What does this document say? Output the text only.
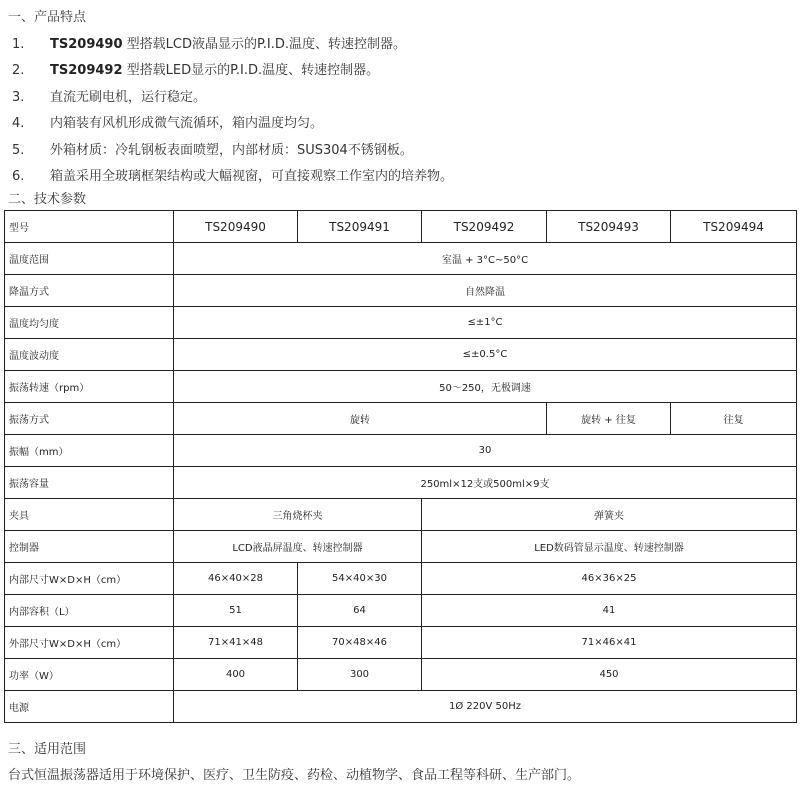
一、产品特点
1. TS209490 型搭载LCD液晶显示的P.I.D.温度、转速控制器。
2. TS209492 型搭载LED显示的P.I.D.温度、转速控制器。
3. 直流无刷电机，运行稳定。
4. 内箱装有风机形成微气流循环，箱内温度均匀。
5. 外箱材质：冷轧钢板表面喷塑，内部材质：SUS304不锈钢板。
6. 箱盖采用全玻璃框架结构或大幅视窗，可直接观察工作室内的培养物。
二、技术参数
型号	TS209490	TS209491	TS209492	TS209493	TS209494
温度范围	室温 + 3°C~50°C				
降温方式	自然降温				
温度均匀度	≤±1°C				
温度波动度	≤±0.5°C				
振荡转速（rpm）	50～250，无极调速				
振荡方式	旋转			旋转 + 往复	往复
振幅（mm）	30				
振荡容量	250ml×12支或500ml×9支				
夹具	三角烧杯夹		弹簧夹		
控制器	LCD液晶屏温度、转速控制器		LED数码管显示温度、转速控制器		
内部尺寸W×D×H（cm）	46×40×28	54×40×30	46×36×25		
内部容积（L）	51	64	41		
外部尺寸W×D×H（cm）	71×41×48	70×48×46	71×46×41		
功率（W）	400	300	450		
电源	1Ø 220V 50Hz				
三、适用范围
台式恒温振荡器适用于环境保护、医疗、卫生防疫、药检、动植物学、食品工程等科研、生产部门。
